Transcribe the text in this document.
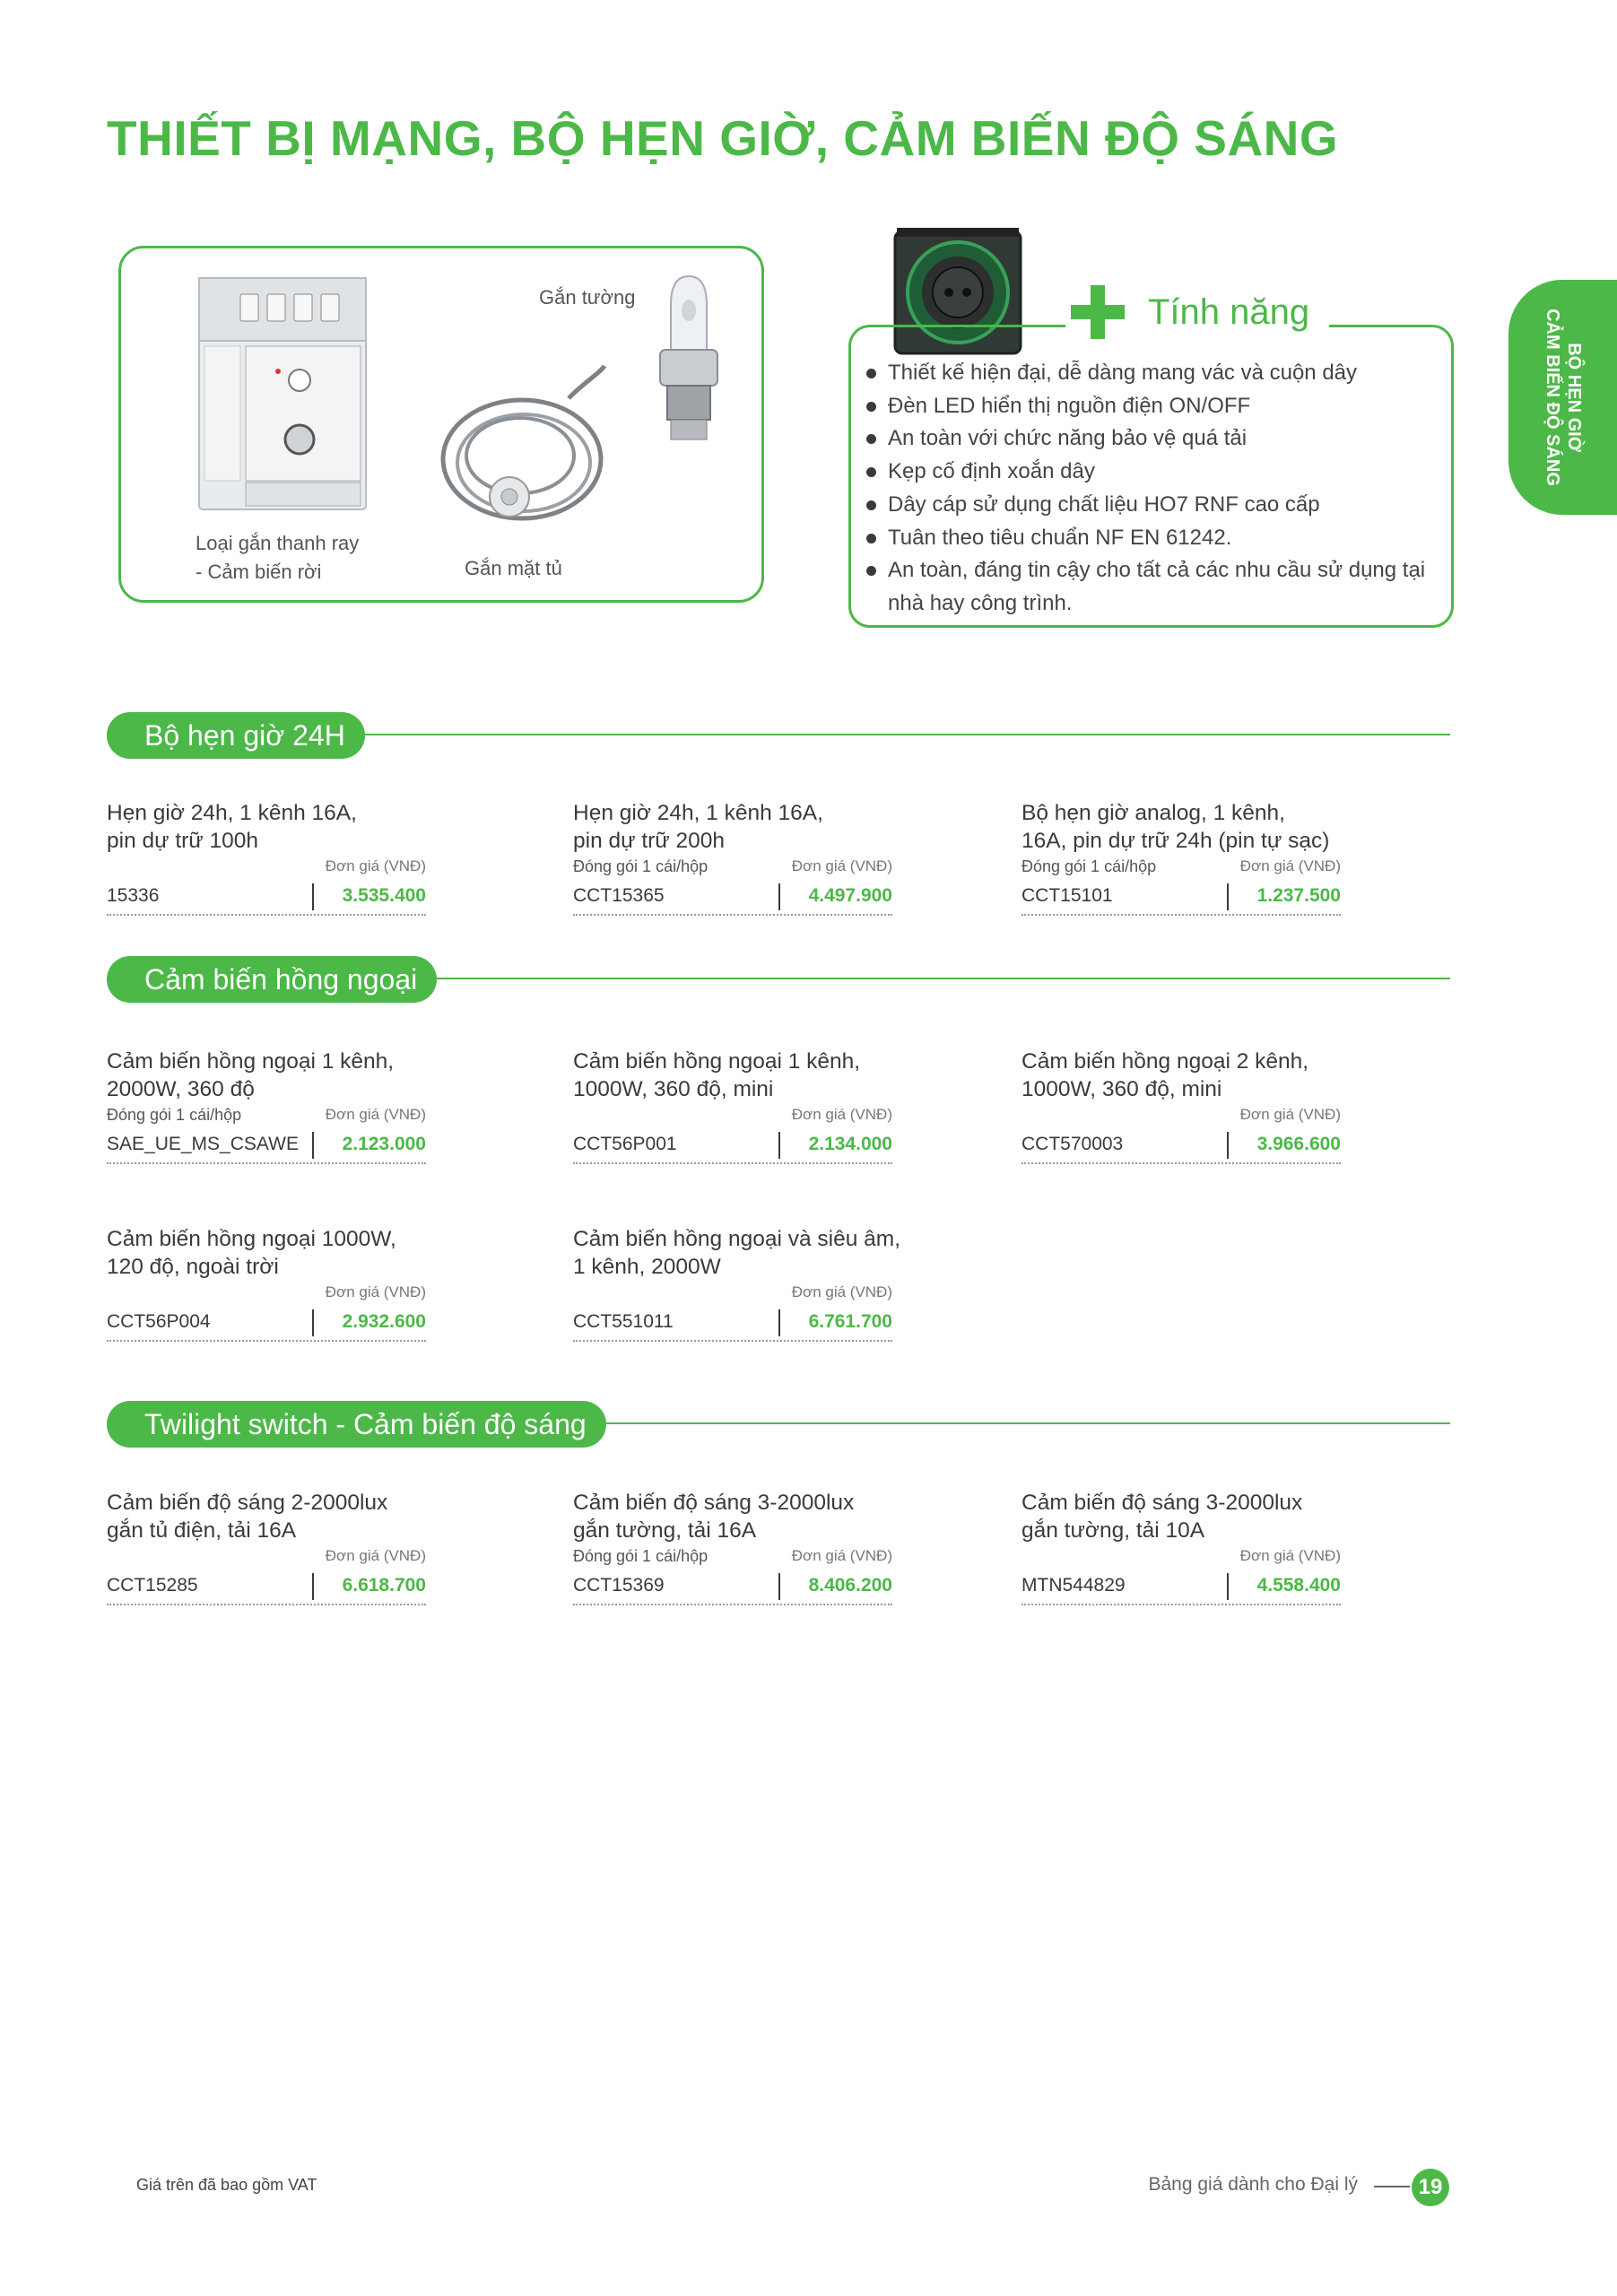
THIẾT BỊ MẠNG, BỘ HẸN GIỜ, CẢM BIẾN ĐỘ SÁNG
BỘ HẸN GIỜ
CẢM BIẾN ĐỘ SÁNG
Gắn tường
Loại gắn thanh ray
- Cảm biến rời	Gắn mặt tủ
Tính năng
Thiết kế hiện đại, dễ dàng mang vác và cuộn dây
Đèn LED hiển thị nguồn điện ON/OFF
An toàn với chức năng bảo vệ quá tải
Kẹp cố định xoắn dây
Dây cáp sử dụng chất liệu HO7 RNF cao cấp
Tuân theo tiêu chuẩn NF EN 61242.
An toàn, đáng tin cậy cho tất cả các nhu cầu sử dụng tại nhà hay công trình.
Bộ hẹn giờ 24H
Hẹn giờ 24h, 1 kênh 16A,
pin dự trữ 100h
Đơn giá (VNĐ)
15336	3.535.400
Hẹn giờ 24h, 1 kênh 16A,
pin dự trữ 200h
Đóng gói 1 cái/hộp	Đơn giá (VNĐ)
CCT15365	4.497.900
Bộ hẹn giờ analog, 1 kênh,
16A, pin dự trữ 24h (pin tự sạc)
Đóng gói 1 cái/hộp	Đơn giá (VNĐ)
CCT15101	1.237.500
Cảm biến hồng ngoại
Cảm biến hồng ngoại 1 kênh,
2000W, 360 độ
Đóng gói 1 cái/hộp	Đơn giá (VNĐ)
SAE_UE_MS_CSAWE 2.123.000
Cảm biến hồng ngoại 1 kênh,
1000W, 360 độ, mini
Đơn giá (VNĐ)
CCT56P001	2.134.000
Cảm biến hồng ngoại 2 kênh,
1000W, 360 độ, mini
Đơn giá (VNĐ)
CCT570003	3.966.600
Cảm biến hồng ngoại 1000W,
120 độ, ngoài trời
Đơn giá (VNĐ)
CCT56P004	2.932.600
Cảm biến hồng ngoại và siêu âm,
1 kênh, 2000W
Đơn giá (VNĐ)
CCT551011	6.761.700
Twilight switch - Cảm biến độ sáng
Cảm biến độ sáng 2-2000lux
gắn tủ điện, tải 16A
Đơn giá (VNĐ)
CCT15285	6.618.700
Cảm biến độ sáng 3-2000lux
gắn tường, tải 16A
Đóng gói 1 cái/hộp	Đơn giá (VNĐ)
CCT15369	8.406.200
Cảm biến độ sáng 3-2000lux
gắn tường, tải 10A
Đơn giá (VNĐ)
MTN544829	4.558.400
Giá trên đã bao gồm VAT	Bảng giá dành cho Đại lý	19
